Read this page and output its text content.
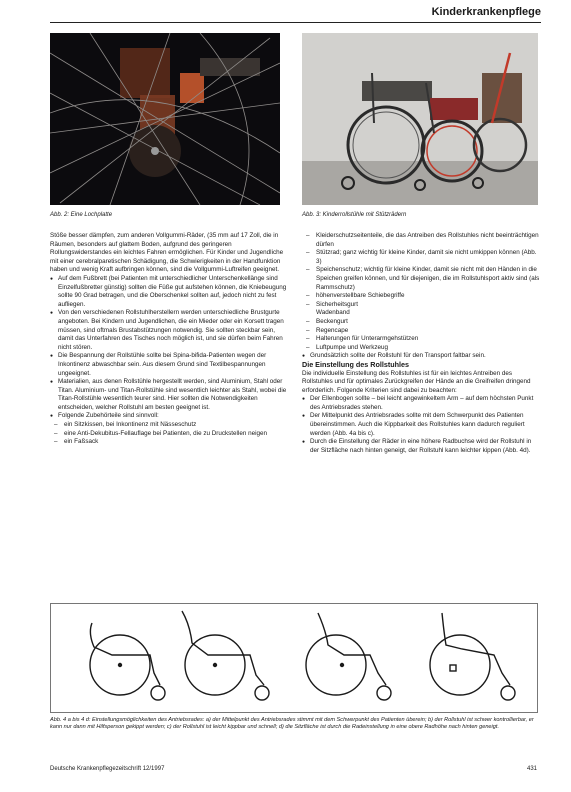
Kinderkrankenpflege
Abb. 2: Eine Lochplatte	Abb. 3: Kinderrollstühle mit Stützrädern

Stöße besser dämpfen, zum anderen Vollgummi-Räder, (35 mm auf 17 Zoll, die in Räumen, besonders auf glattem Boden, aufgrund des geringeren Rollungswiderstandes ein leichtes Fahren ermöglichen. Für Kinder und Jugendliche mit einer cerebralparetischen Schädigung, die Schwierigkeiten in der Handfunktion haben und wenig Kraft aufbringen können, sind die Vollgummi-Luftreifen geeignet.

● Auf dem Fußbrett (bei Patienten mit unterschiedlicher Unterschenkellänge sind Einzelfußbretter günstig) sollten die Füße gut aufstehen können, die Kniebeugung sollte 90 Grad betragen, und die Oberschenkel sollten auf, jedoch nicht zu fest aufliegen.

● Von den verschiedenen Rollstuhlherstellern werden unterschiedliche Brustgurte angeboten. Bei Kindern und Jugendlichen, die ein Mieder oder ein Korsett tragen müssen, sind oftmals Brustabstützungen notwendig. Sie sollten steckbar sein, damit das Unterfahren des Tisches noch möglich ist, und sie dürfen beim Fahren nicht stören.

● Die Bespannung der Rollstühle sollte bei Spina-bifida-Patienten wegen der Inkontinenz abwaschbar sein. Aus diesem Grund sind Textilbespannungen ungeeignet.

● Materialien, aus denen Rollstühle hergestellt werden, sind Aluminium, Stahl oder Titan. Aluminium- und Titan-Rollstühle sind wesentlich leichter als Stahl, wobei die Titan-Rollstühle wesentlich teurer sind. Hier sollten die Notwendigkeiten entscheiden, welcher Rollstuhl am besten geeignet ist.

● Folgende Zubehörteile sind sinnvoll:

– ein Sitzkissen, bei Inkontinenz mit Nässeschutz

– eine Anti-Dekubitus-Fellauflage bei Patienten, die zu Druckstellen neigen

– ein Faßsack

– Kleiderschutzseitenteile, die das Antreiben des Rollstuhles nicht beeinträchtigen dürfen

– Stützrad; ganz wichtig für kleine Kinder, damit sie nicht umkippen können (Abb. 3)

– Speichenschutz; wichtig für kleine Kinder, damit sie nicht mit den Händen in die Speichen greifen können, und für diejenigen, die im Rollstuhlsport aktiv sind (als Rammschutz)

– höhenverstellbare Schiebegriffe

– Sicherheitsgurt

Wadenband

– Beckengurt

– Regencape

– Halterungen für Unterarmgehstützen

– Luftpumpe und Werkzeug

● Grundsätzlich sollte der Rollstuhl für den Transport faltbar sein.

Die Einstellung des Rollstuhles

Die individuelle Einstellung des Rollstuhles ist für ein leichtes Antreiben des Rollstuhles und für optimales Zurückgreifen der Hände an die Greifreifen dringend erforderlich. Folgende Kriterien sind dabei zu beachten:

● Der Ellenbogen sollte – bei leicht angewinkeltem Arm – auf dem höchsten Punkt des Antriebsrades stehen.

● Der Mittelpunkt des Antriebsrades sollte mit dem Schwerpunkt des Patienten übereinstimmen. Auch die Kippbarkeit des Rollstuhles kann dadurch reguliert werden (Abb. 4a bis c).

● Durch die Einstellung der Räder in eine höhere Radbuchse wird der Rollstuhl in der Sitzfläche nach hinten geneigt, der Rollstuhl kann leichter kippen (Abb. 4d).

Abb. 4 a bis 4 d: Einstellungsmöglichkeiten des Antriebsrades: a) der Mittelpunkt des Antriebsrades stimmt mit dem Schwerpunkt des Patienten überein; b) der Rollstuhl ist schwer kontrollierbar, er kann nur dann mit Hilfsperson gekippt werden; c) der Rollstuhl ist leicht kippbar und schnell; d) die Sitzfläche ist durch die Radeinstellung in eine obere Radhöhe nach hinten geneigt.
Deutsche Krankenpflegezeitschrift 12/1997	431
